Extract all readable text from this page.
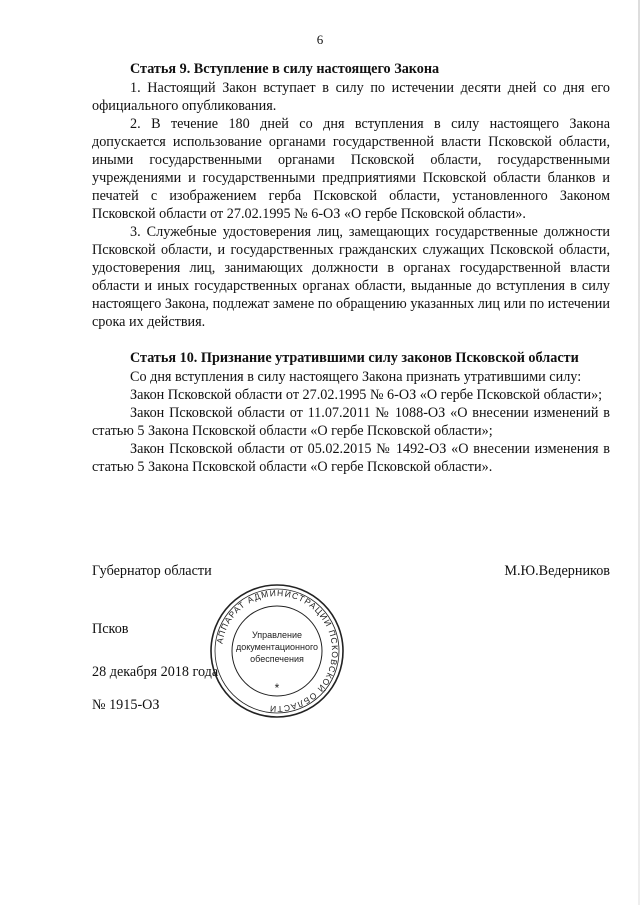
6

Статья 9. Вступление в силу настоящего Закона

1. Настоящий Закон вступает в силу по истечении десяти дней со дня его официального опубликования.

2. В течение 180 дней со дня вступления в силу настоящего Закона допускается использование органами государственной власти Псковской области, иными государственными органами Псковской области, государственными учреждениями и государственными предприятиями Псковской области бланков и печатей с изображением герба Псковской области, установленного Законом Псковской области от 27.02.1995 № 6-ОЗ «О гербе Псковской области».

3. Служебные удостоверения лиц, замещающих государственные должности Псковской области, и государственных гражданских служащих Псковской области, удостоверения лиц, занимающих должности в органах государственной власти области и иных государственных органах области, выданные до вступления в силу настоящего Закона, подлежат замене по обращению указанных лиц или по истечении срока их действия.

Статья 10. Признание утратившими силу законов Псковской области

Со дня вступления в силу настоящего Закона признать утратившими силу:

Закон Псковской области от 27.02.1995 № 6-ОЗ «О гербе Псковской области»;

Закон Псковской области от 11.07.2011 № 1088-ОЗ «О внесении изменений в статью 5 Закона Псковской области «О гербе Псковской области»;

Закон Псковской области от 05.02.2015 № 1492-ОЗ «О внесении изменения в статью 5 Закона Псковской области «О гербе Псковской области».

Губернатор области	М.Ю.Ведерников
Псков
28 декабря 2018 года
№ 1915-ОЗ
АППАРАТ АДМИНИСТРАЦИИ ПСКОВСКОЙ ОБЛАСТИ
Управление
документационного
обеспечения
*
